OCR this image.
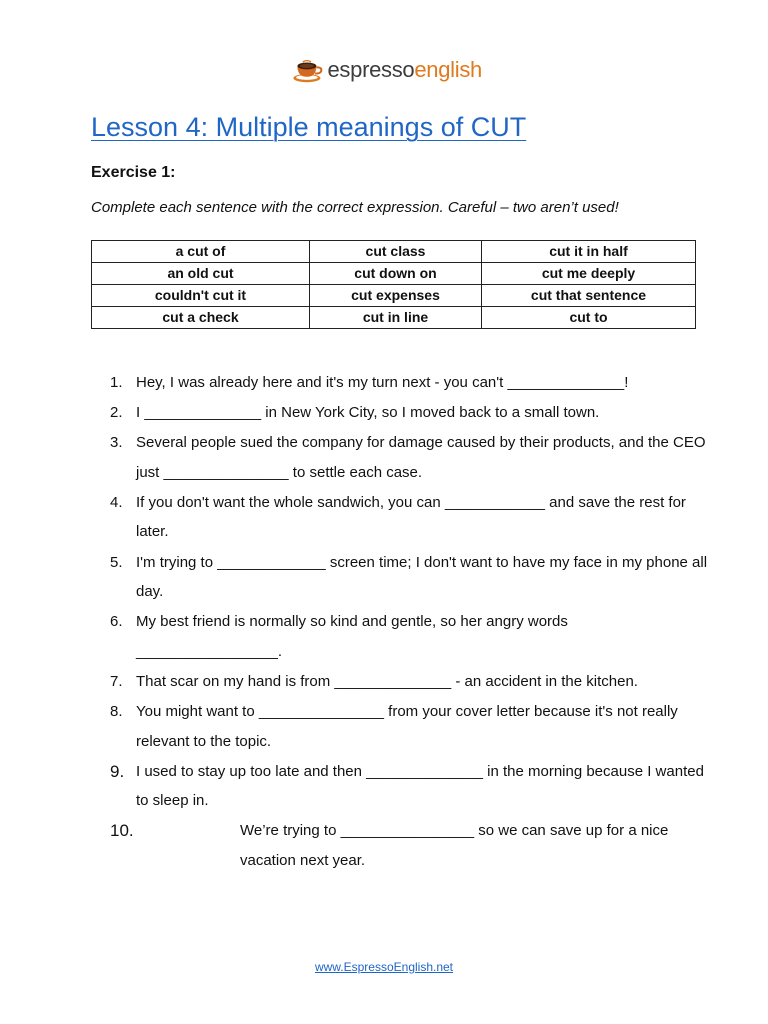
espressoenglish
Lesson 4: Multiple meanings of CUT
Exercise 1:

Complete each sentence with the correct expression. Careful – two aren’t used!

a cut of	cut class	cut it in half
an old cut	cut down on	cut me deeply
couldn't cut it	cut expenses	cut that sentence
cut a check	cut in line	cut to
1. Hey, I was already here and it's my turn next - you can't ______________!
2. I ______________ in New York City, so I moved back to a small town.
3. Several people sued the company for damage caused by their products, and the CEO just _______________ to settle each case.
4. If you don't want the whole sandwich, you can ____________ and save the rest for later.
5. I'm trying to _____________ screen time; I don't want to have my face in my phone all day.
6. My best friend is normally so kind and gentle, so her angry words _________________.
7. That scar on my hand is from ______________ - an accident in the kitchen.
8. You might want to _______________ from your cover letter because it's not really relevant to the topic.
9. I used to stay up too late and then ______________ in the morning because I wanted to sleep in.
10.	We’re trying to ________________ so we can save up for a nice vacation next year.
www.EspressoEnglish.net
